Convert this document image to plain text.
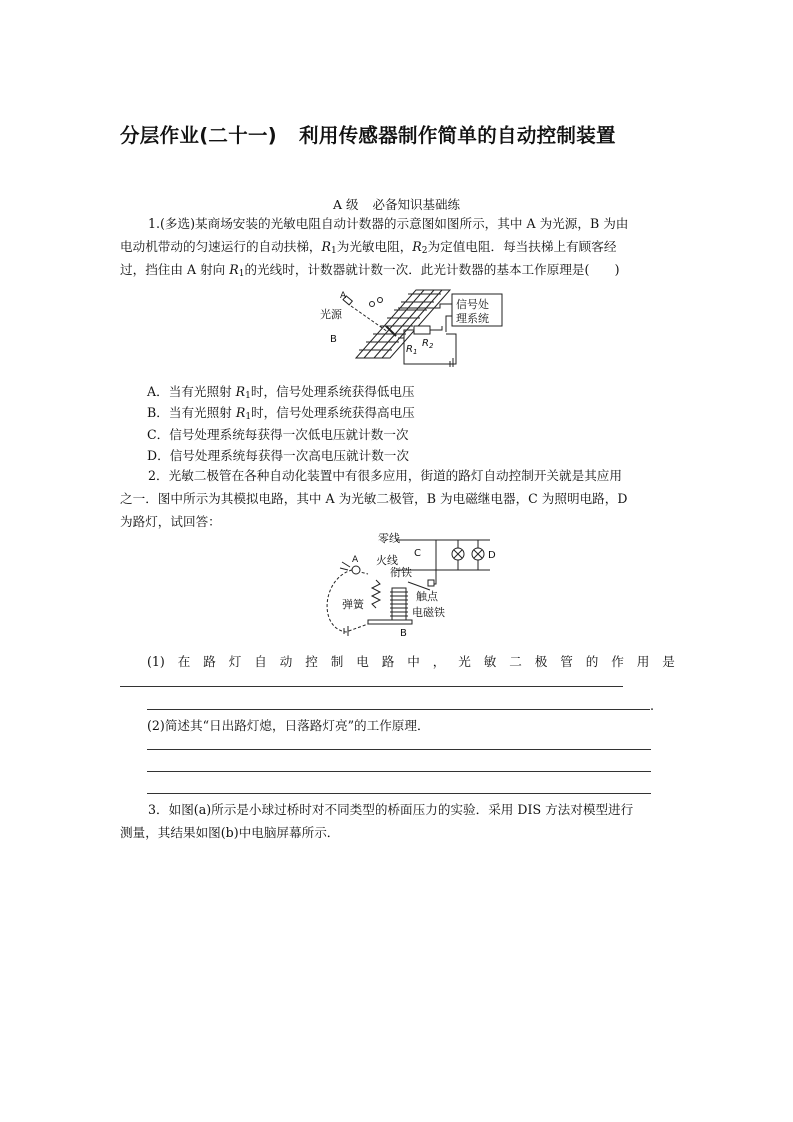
分层作业(二十一) 利用传感器制作简单的自动控制装置
A 级 必备知识基础练
1.(多选)某商场安装的光敏电阻自动计数器的示意图如图所示，其中 A 为光源，B 为由
电动机带动的匀速运行的自动扶梯，$R_1$为光敏电阻，$R_2$为定值电阻．每当扶梯上有顾客经
过，挡住由 A 射向 $R_1$的光线时，计数器就计数一次．此光计数器的基本工作原理是(　　)
光源
A
B
信号处
理系统
$R_1$
$R_2$
A．当有光照射 $R_1$时，信号处理系统获得低电压
B．当有光照射 $R_1$时，信号处理系统获得高电压
C．信号处理系统每获得一次低电压就计数一次
D．信号处理系统每获得一次高电压就计数一次
2．光敏二极管在各种自动化装置中有很多应用，街道的路灯自动控制开关就是其应用
之一．图中所示为其模拟电路，其中 A 为光敏二极管，B 为电磁继电器，C 为照明电路，D
为路灯，试回答：
零线
火线
衔铁
C	D
A
弹簧
触点
电磁铁
B
(1) 在 路 灯 自 动 控 制 电 路 中 ， 光 敏 二 极 管 的 作 用 是
.
(2)简述其“日出路灯熄，日落路灯亮”的工作原理．
3．如图(a)所示是小球过桥时对不同类型的桥面压力的实验．采用 DIS 方法对模型进行
测量，其结果如图(b)中电脑屏幕所示．
